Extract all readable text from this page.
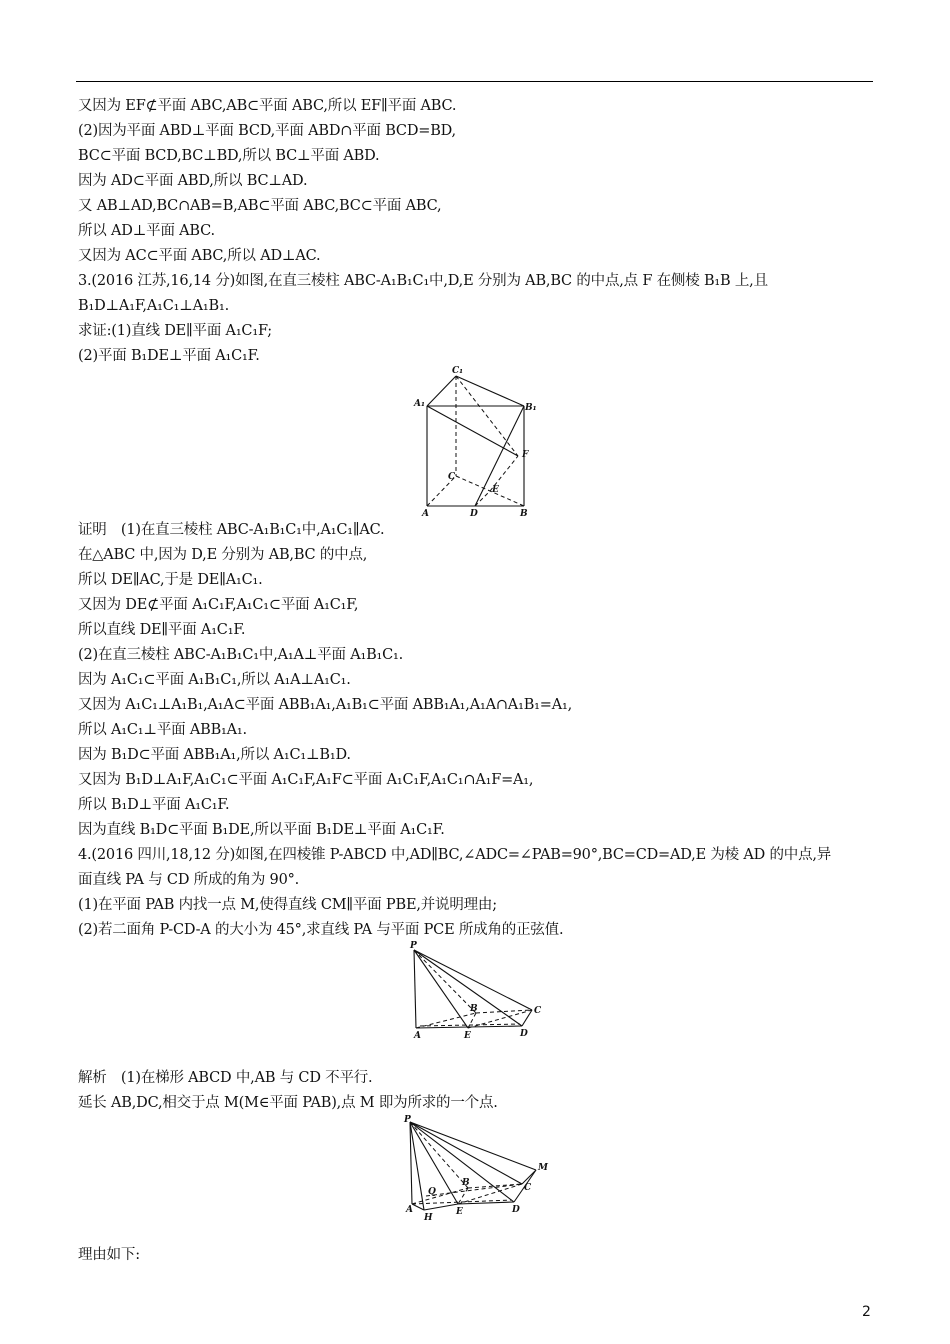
又因为 EF⊄平面 ABC,AB⊂平面 ABC,所以 EF∥平面 ABC.
(2)因为平面 ABD⊥平面 BCD,平面 ABD∩平面 BCD=BD,
BC⊂平面 BCD,BC⊥BD,所以 BC⊥平面 ABD.
因为 AD⊂平面 ABD,所以 BC⊥AD.
又 AB⊥AD,BC∩AB=B,AB⊂平面 ABC,BC⊂平面 ABC,
所以 AD⊥平面 ABC.
又因为 AC⊂平面 ABC,所以 AD⊥AC.
3.(2016 江苏,16,14 分)如图,在直三棱柱 ABC-A₁B₁C₁中,D,E 分别为 AB,BC 的中点,点 F 在侧棱 B₁B 上,且
B₁D⊥A₁F,A₁C₁⊥A₁B₁.
求证:(1)直线 DE∥平面 A₁C₁F;
(2)平面 B₁DE⊥平面 A₁C₁F.
C₁
A₁	B₁
C
F
E
A	D	B
证明　(1)在直三棱柱 ABC-A₁B₁C₁中,A₁C₁∥AC.
在△ABC 中,因为 D,E 分别为 AB,BC 的中点,
所以 DE∥AC,于是 DE∥A₁C₁.
又因为 DE⊄平面 A₁C₁F,A₁C₁⊂平面 A₁C₁F,
所以直线 DE∥平面 A₁C₁F.
(2)在直三棱柱 ABC-A₁B₁C₁中,A₁A⊥平面 A₁B₁C₁.
因为 A₁C₁⊂平面 A₁B₁C₁,所以 A₁A⊥A₁C₁.
又因为 A₁C₁⊥A₁B₁,A₁A⊂平面 ABB₁A₁,A₁B₁⊂平面 ABB₁A₁,A₁A∩A₁B₁=A₁,
所以 A₁C₁⊥平面 ABB₁A₁.
因为 B₁D⊂平面 ABB₁A₁,所以 A₁C₁⊥B₁D.
又因为 B₁D⊥A₁F,A₁C₁⊂平面 A₁C₁F,A₁F⊂平面 A₁C₁F,A₁C₁∩A₁F=A₁,
所以 B₁D⊥平面 A₁C₁F.
因为直线 B₁D⊂平面 B₁DE,所以平面 B₁DE⊥平面 A₁C₁F.
4.(2016 四川,18,12 分)如图,在四棱锥 P-ABCD 中,AD∥BC,∠ADC=∠PAB=90°,BC=CD=AD,E 为棱 AD 的中点,异
面直线 PA 与 CD 所成的角为 90°.
(1)在平面 PAB 内找一点 M,使得直线 CM∥平面 PBE,并说明理由;
(2)若二面角 P-CD-A 的大小为 45°,求直线 PA 与平面 PCE 所成角的正弦值.
P
B	C
A	E	D
解析　(1)在梯形 ABCD 中,AB 与 CD 不平行.
延长 AB,DC,相交于点 M(M∈平面 PAB),点 M 即为所求的一个点.
P
M
Q
B	C
A
H
E	D
理由如下:
2
